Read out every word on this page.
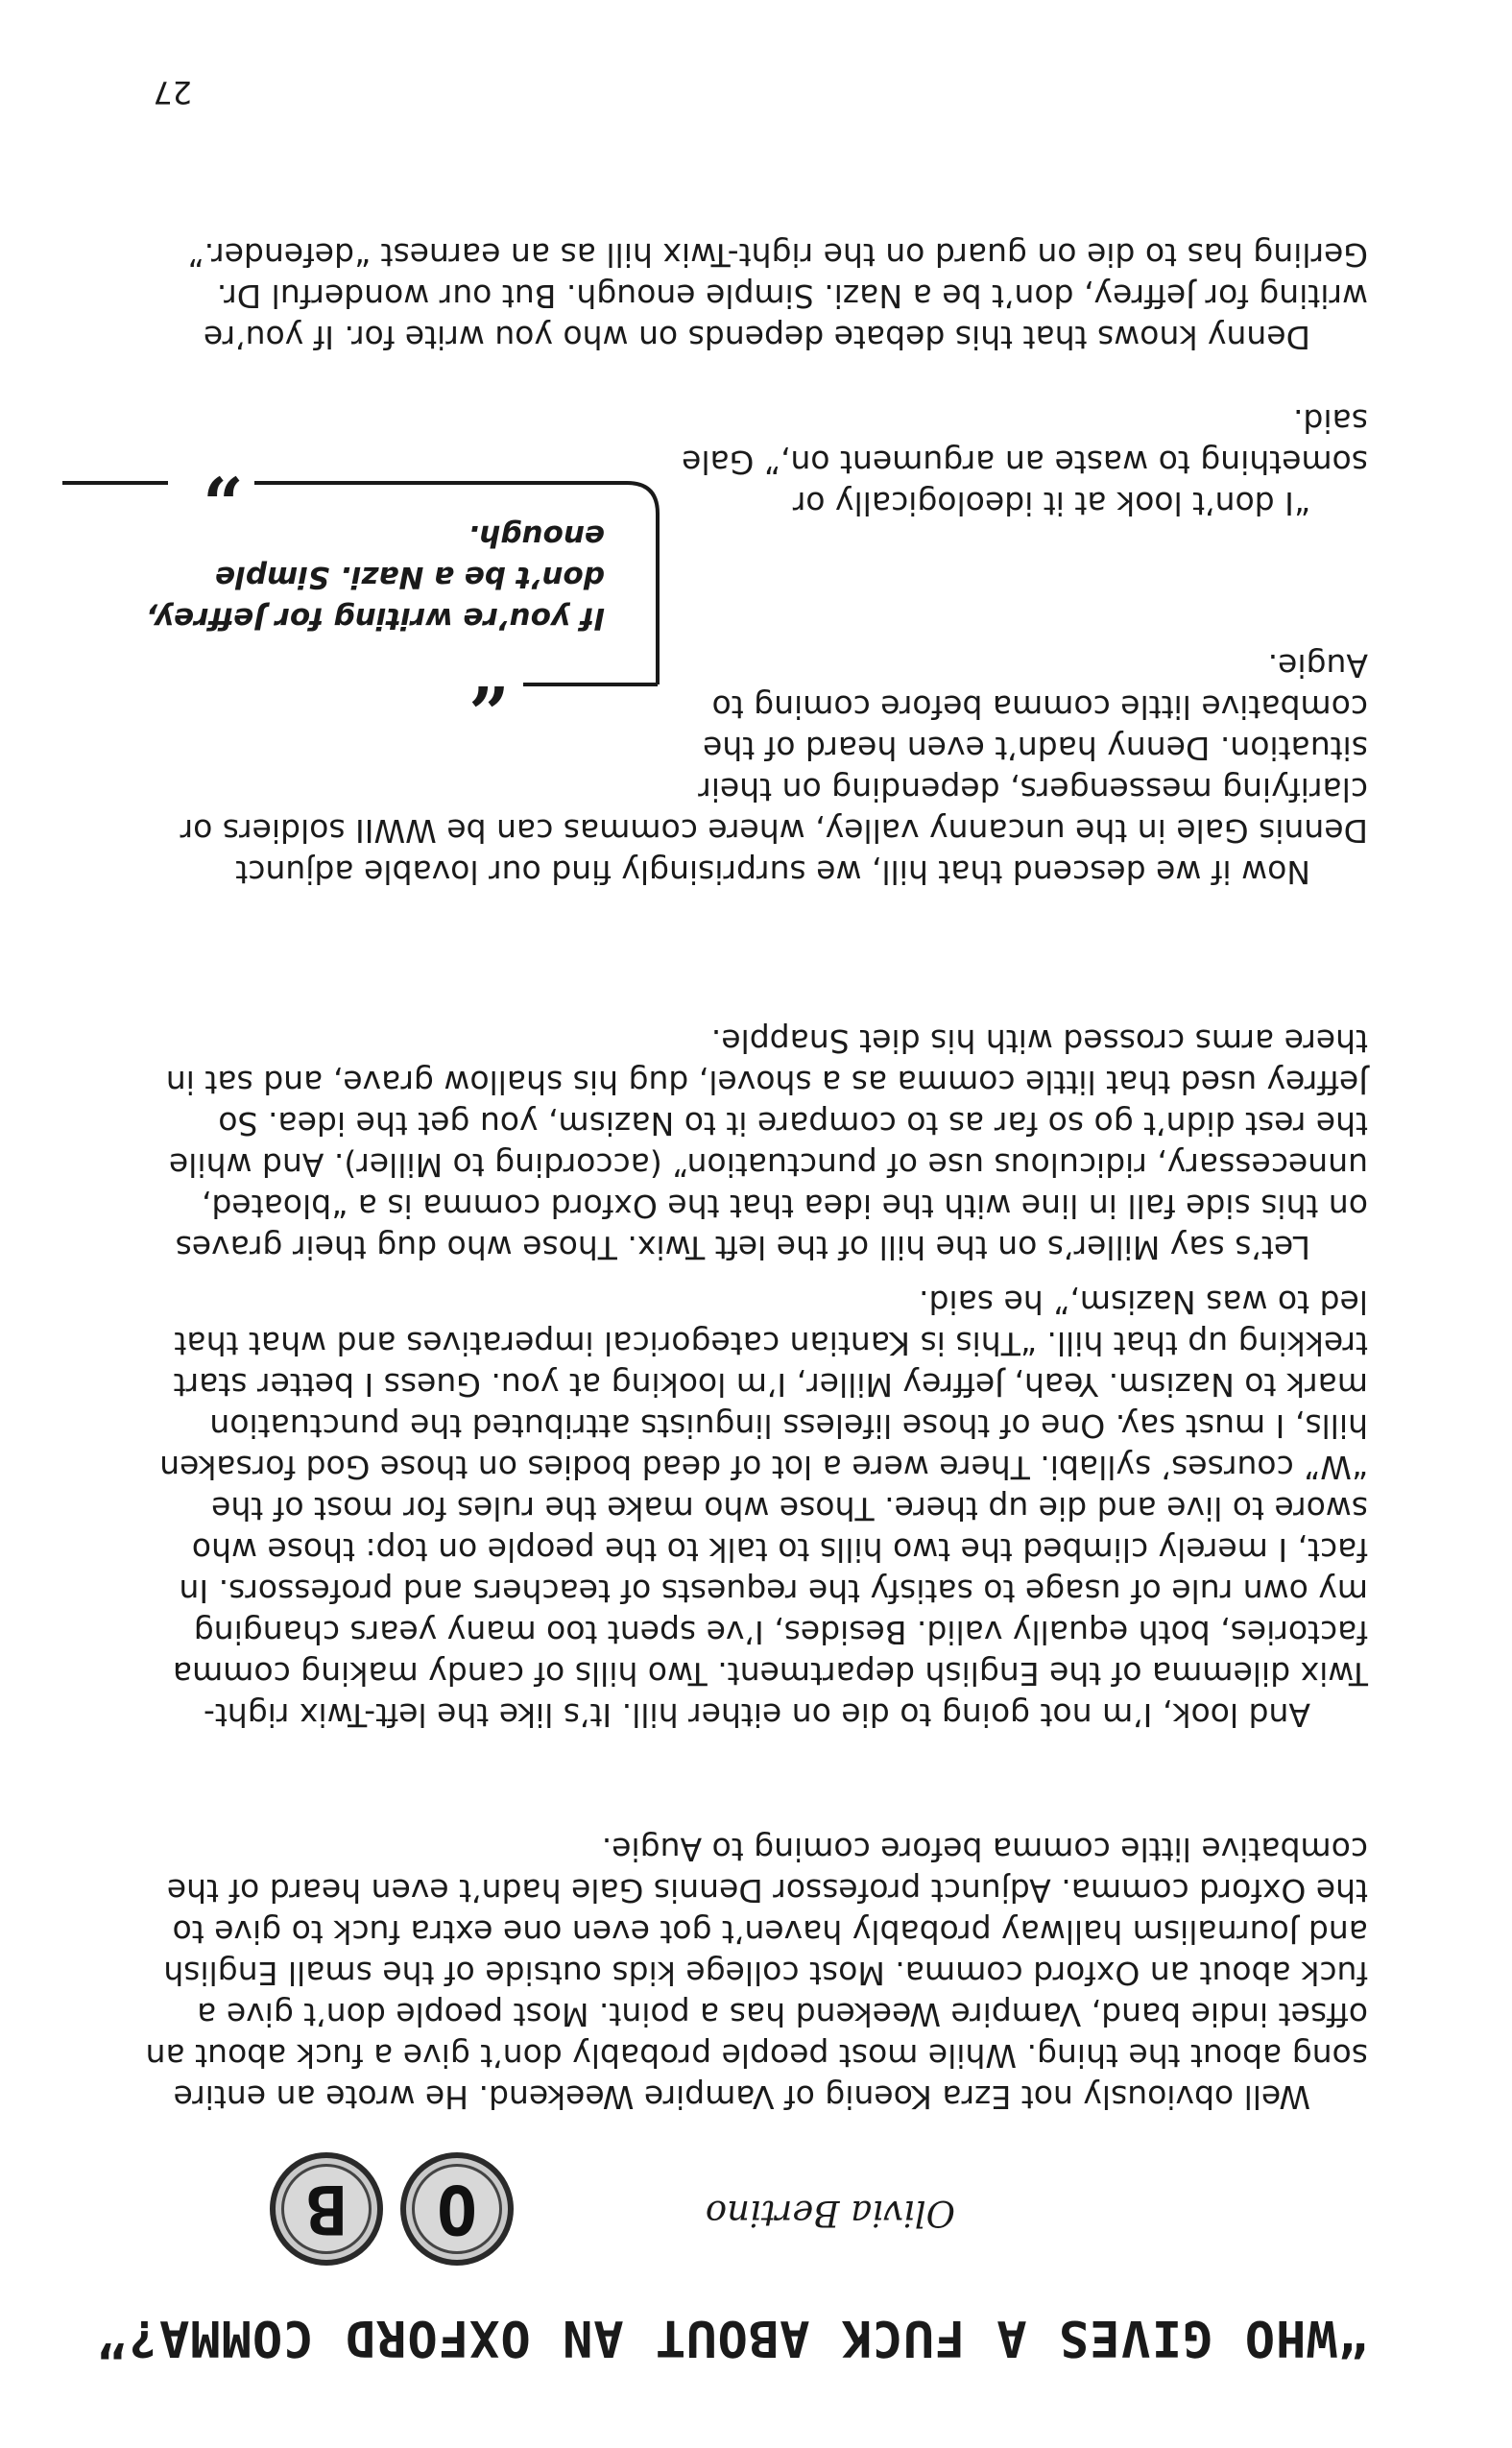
“WHO GIVES A FUCK ABOUT AN OXFORD COMMA?”
O
B	Olivia Bertino

Well obviously not Ezra Koenig of Vampire Weekend. He wrote an entire song about the thing. While most people probably don’t give a fuck about an offset indie band, Vampire Weekend has a point. Most people don’t give a fuck about an Oxford comma. Most college kids outside of the small English and Journalism hallway probably haven’t got even one extra fuck to give to the Oxford comma. Adjunct professor Dennis Gale hadn’t even heard of the combative little comma before coming to Augie.

And look, I’m not going to die on either hill. It’s like the left-Twix right-Twix dilemma of the English department. Two hills of candy making comma factories, both equally valid. Besides, I’ve spent too many years changing my own rule of usage to satisfy the requests of teachers and professors. In fact, I merely climbed the two hills to talk to the people on top: those who swore to live and die up there. Those who make the rules for most of the “W” courses’ syllabi. There were a lot of dead bodies on those God forsaken hills, I must say. One of those lifeless linguists attributed the punctuation mark to Nazism. Yeah, Jeffrey Miller, I’m looking at you. Guess I better start trekking up that hill. “This is Kantian categorical imperatives and what that led to was Nazism,” he said.

Let’s say Miller’s on the hill of the left Twix. Those who dug their graves on this side fall in line with the idea that the Oxford comma is a “bloated, unnecessary, ridiculous use of punctuation” (according to Miller). And while the rest didn’t go so far as to compare it to Nazism, you get the idea. So Jeffrey used that little comma as a shovel, dug his shallow grave, and sat in there arms crossed with his diet Snapple.

Now if we descend that hill, we surprisingly find our lovable adjunct Dennis Gale in the uncanny valley, where commas can be WWII soldiers or

clarifying messengers, depending on their situation. Denny hadn’t even heard of the combative little comma before coming to Augie.

“I don’t look at it ideologically or something to waste an argument on,” Gale said.

Denny knows that this debate depends on who you write for. If you’re writing for Jeffrey, don’t be a Nazi. Simple enough. But our wonderful Dr. Gerling has to die on guard on the right-Twix hill as an earnest “defender.”

“
”

If you’re writing for Jeffrey, don’t be a Nazi. Simple enough.

27
